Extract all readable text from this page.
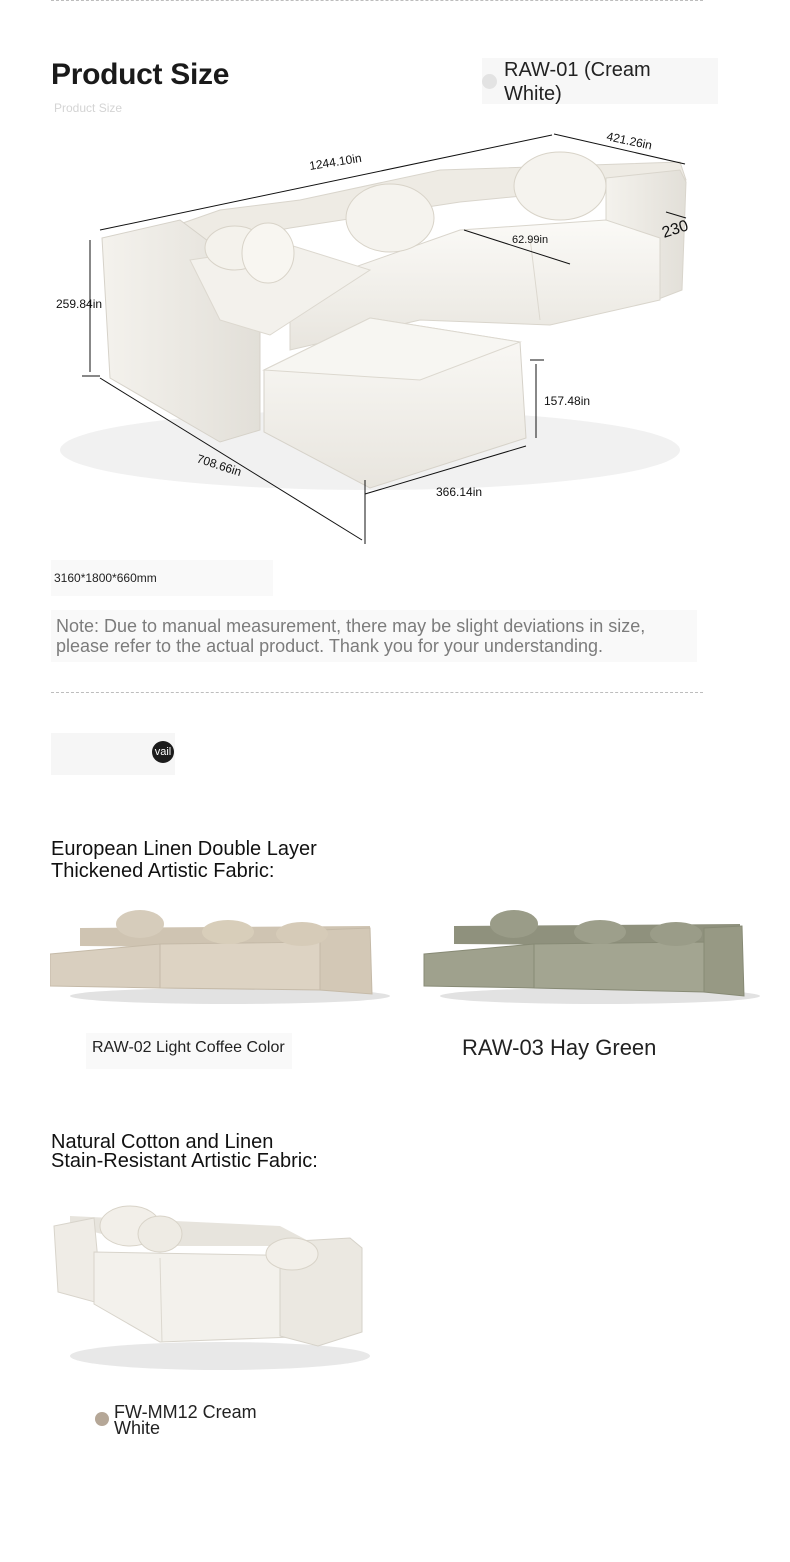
Product Size
Product Size
RAW-01 (Cream White)
1244.10in
421.26in
230
62.99in
259.84in
157.48in
708.66in
366.14in
3160*1800*660mm
Note: Due to manual measurement, there may be slight deviations in size, please refer to the actual product. Thank you for your understanding.
vail
European Linen Double Layer
Thickened Artistic Fabric:
RAW-02 Light Coffee Color	RAW-03 Hay Green
Natural Cotton and Linen
Stain-Resistant Artistic Fabric:
FW-MM12 Cream White
